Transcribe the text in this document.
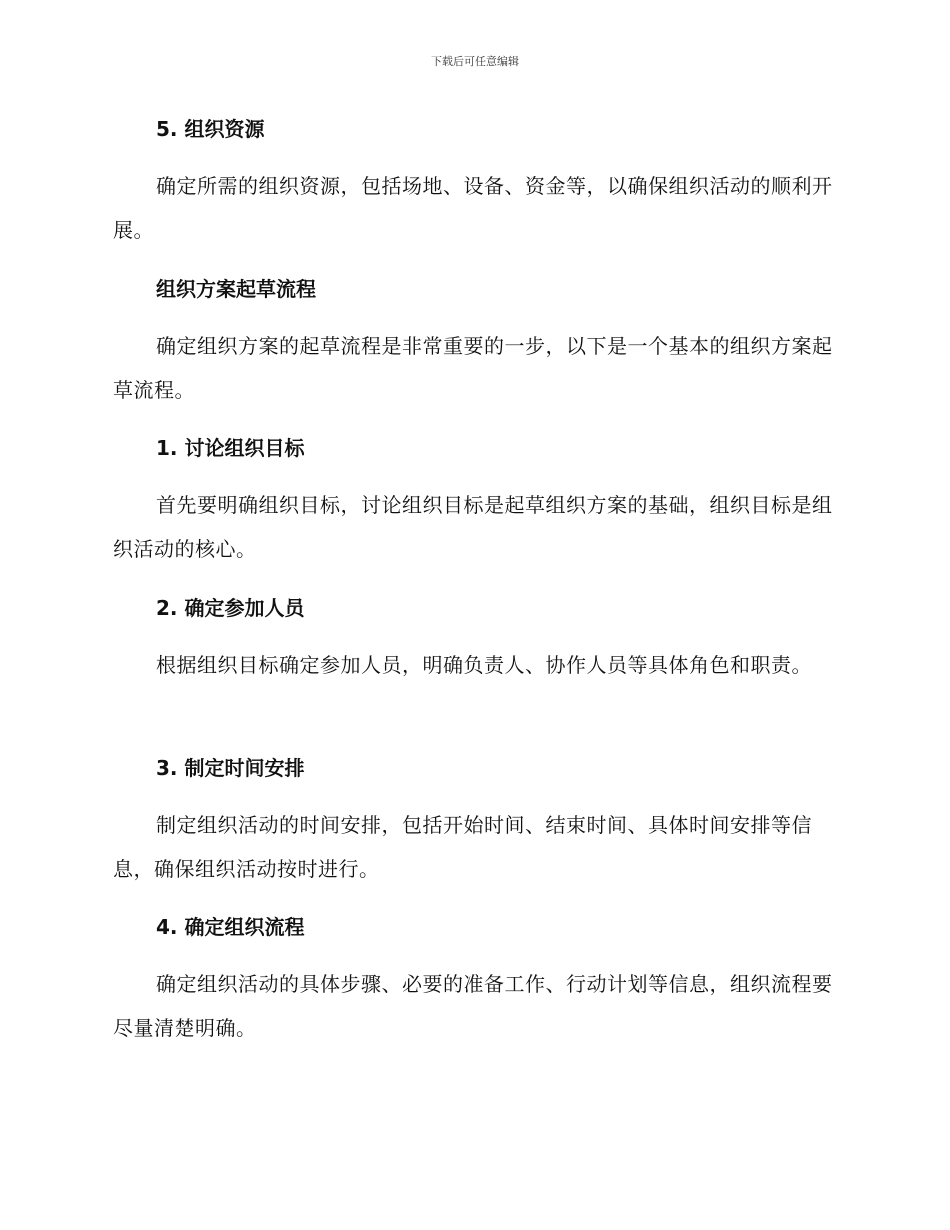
下载后可任意编辑
5. 组织资源
确定所需的组织资源，包括场地、设备、资金等，以确保组织活动的顺利开展。
组织方案起草流程
确定组织方案的起草流程是非常重要的一步，以下是一个基本的组织方案起草流程。
1. 讨论组织目标
首先要明确组织目标，讨论组织目标是起草组织方案的基础，组织目标是组织活动的核心。
2. 确定参加人员
根据组织目标确定参加人员，明确负责人、协作人员等具体角色和职责。
3. 制定时间安排
制定组织活动的时间安排，包括开始时间、结束时间、具体时间安排等信息，确保组织活动按时进行。
4. 确定组织流程
确定组织活动的具体步骤、必要的准备工作、行动计划等信息，组织流程要尽量清楚明确。
